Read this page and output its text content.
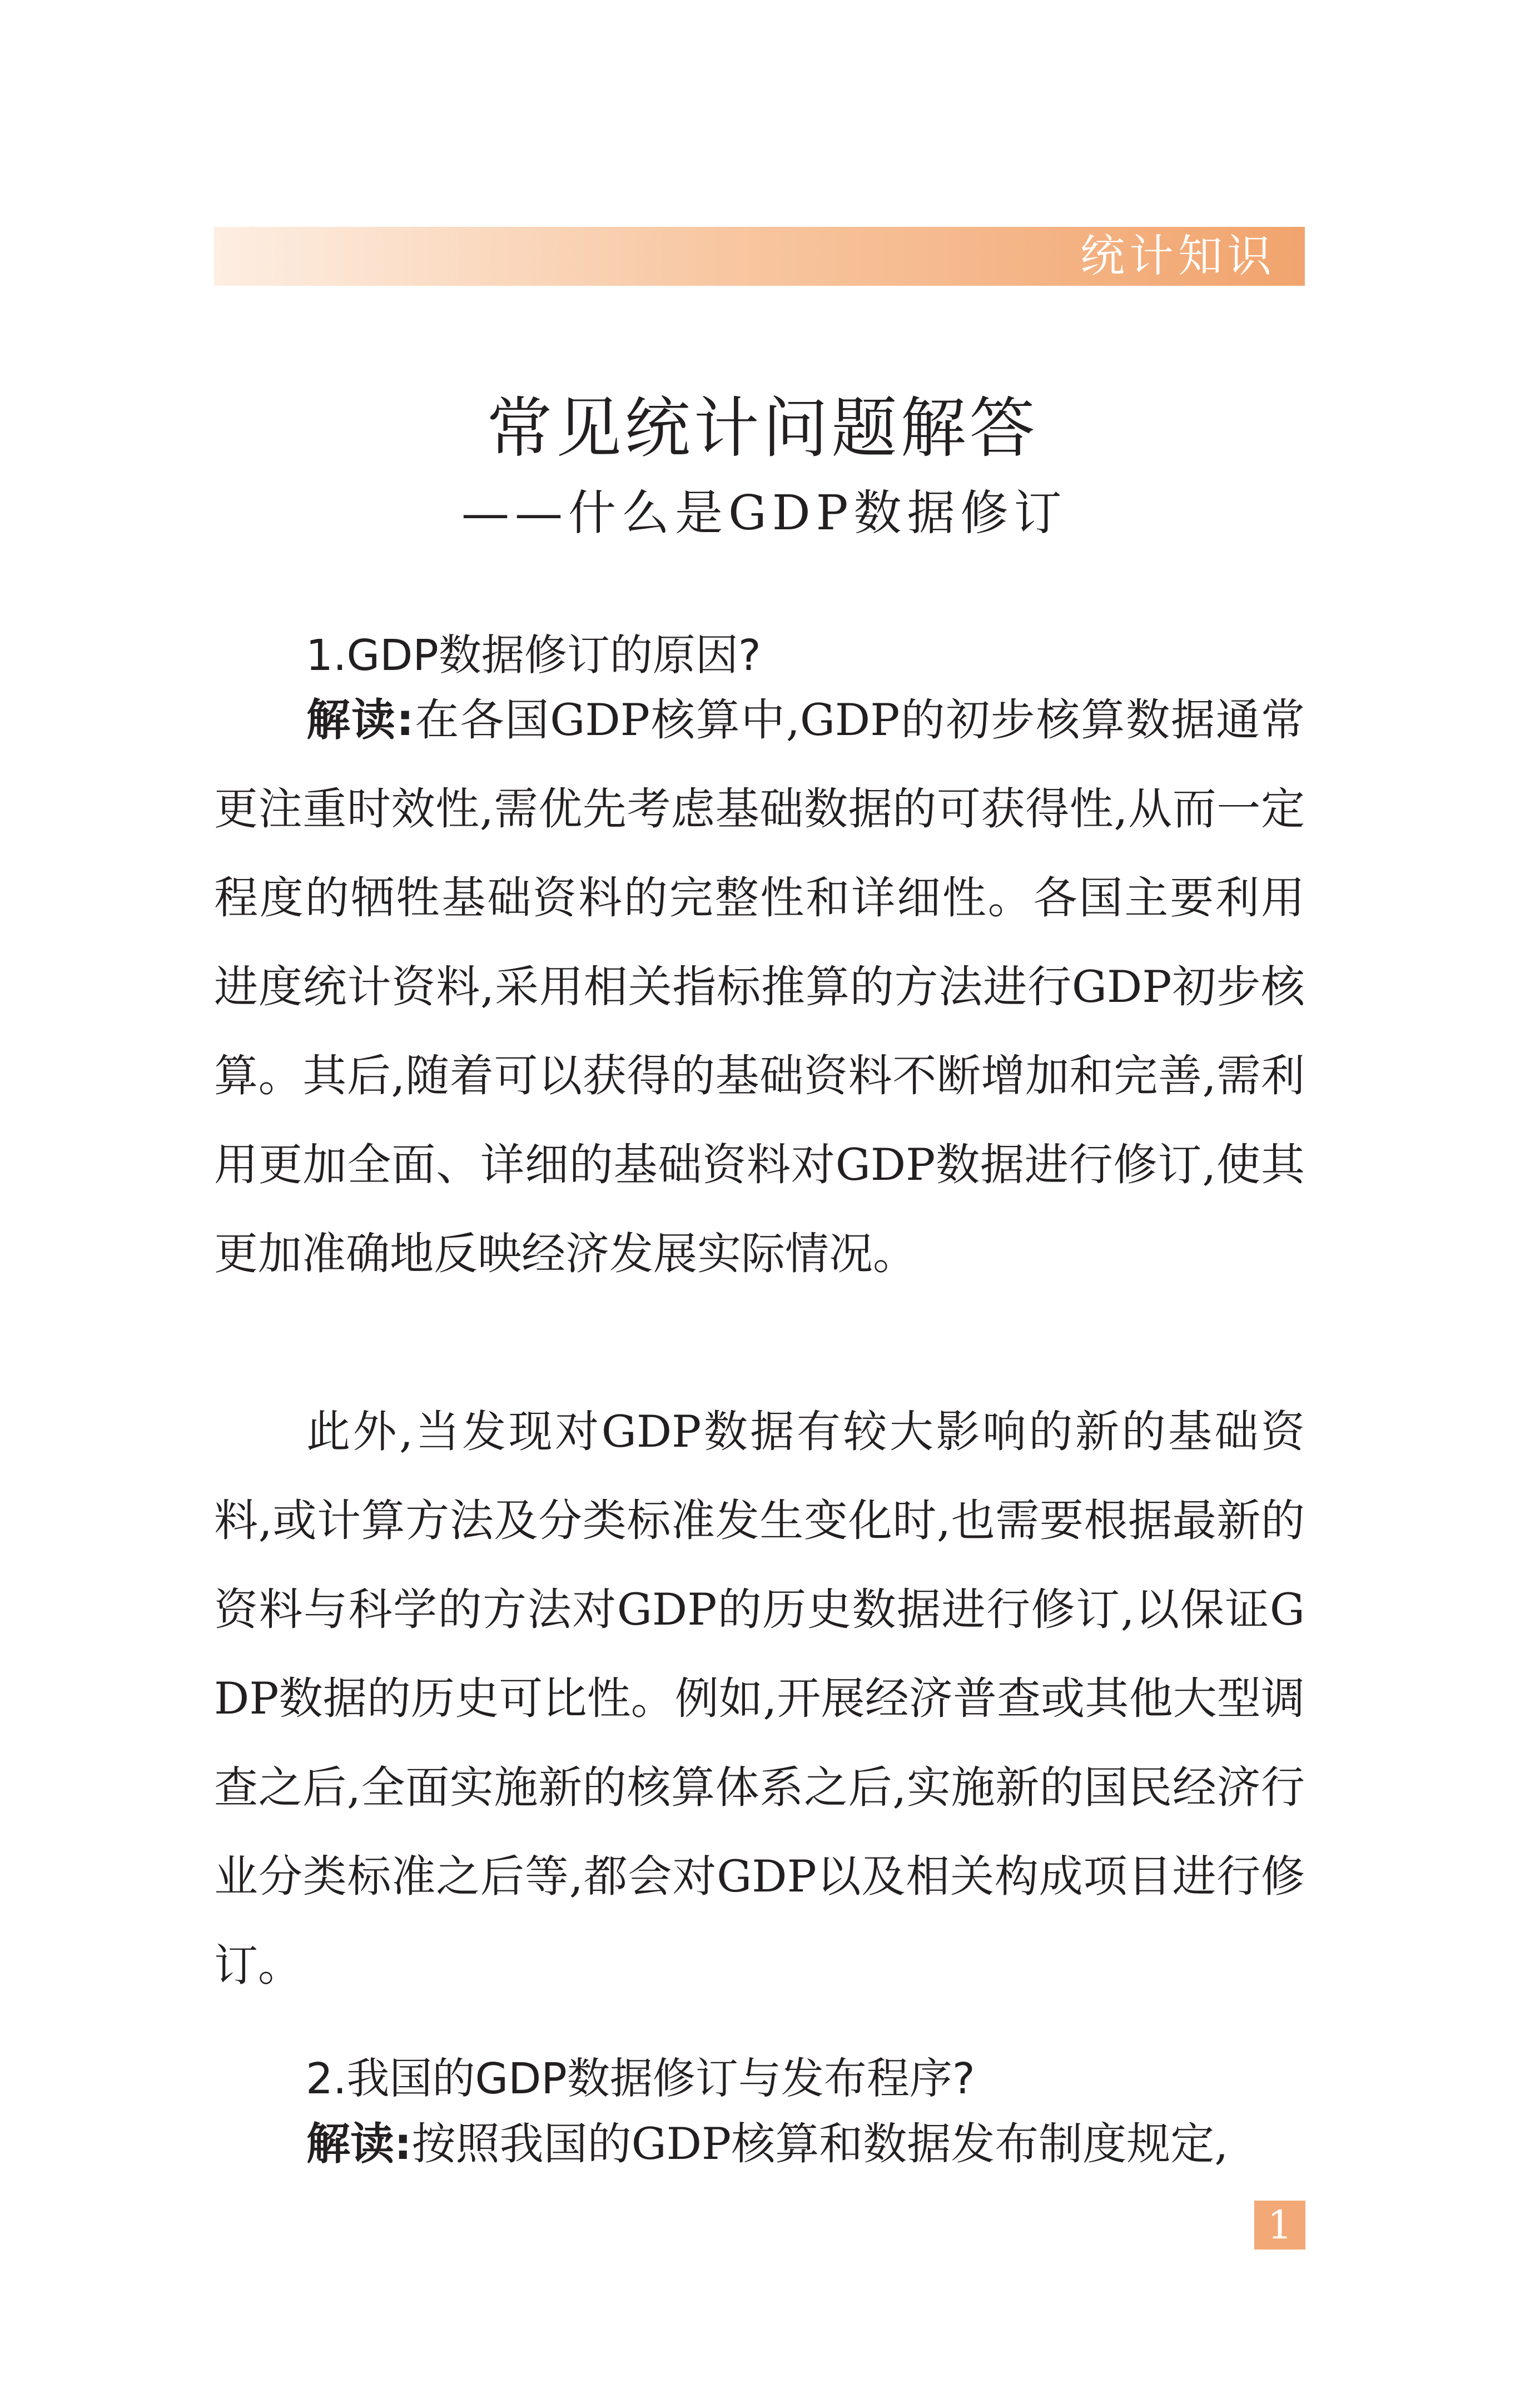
统计知识
常见统计问题解答
——什么是GDP数据修订
1.GDP数据修订的原因?
解读:在各国GDP核算中,GDP的初步核算数据通常更注重时效性,需优先考虑基础数据的可获得性,从而一定程度的牺牲基础资料的完整性和详细性。各国主要利用进度统计资料,采用相关指标推算的方法进行GDP初步核算。其后,随着可以获得的基础资料不断增加和完善,需利用更加全面、详细的基础资料对GDP数据进行修订,使其更加准确地反映经济发展实际情况。
此外,当发现对GDP数据有较大影响的新的基础资料,或计算方法及分类标准发生变化时,也需要根据最新的资料与科学的方法对GDP的历史数据进行修订,以保证GDP数据的历史可比性。例如,开展经济普查或其他大型调查之后,全面实施新的核算体系之后,实施新的国民经济行业分类标准之后等,都会对GDP以及相关构成项目进行修订。
2.我国的GDP数据修订与发布程序?
解读:按照我国的GDP核算和数据发布制度规定,
1
